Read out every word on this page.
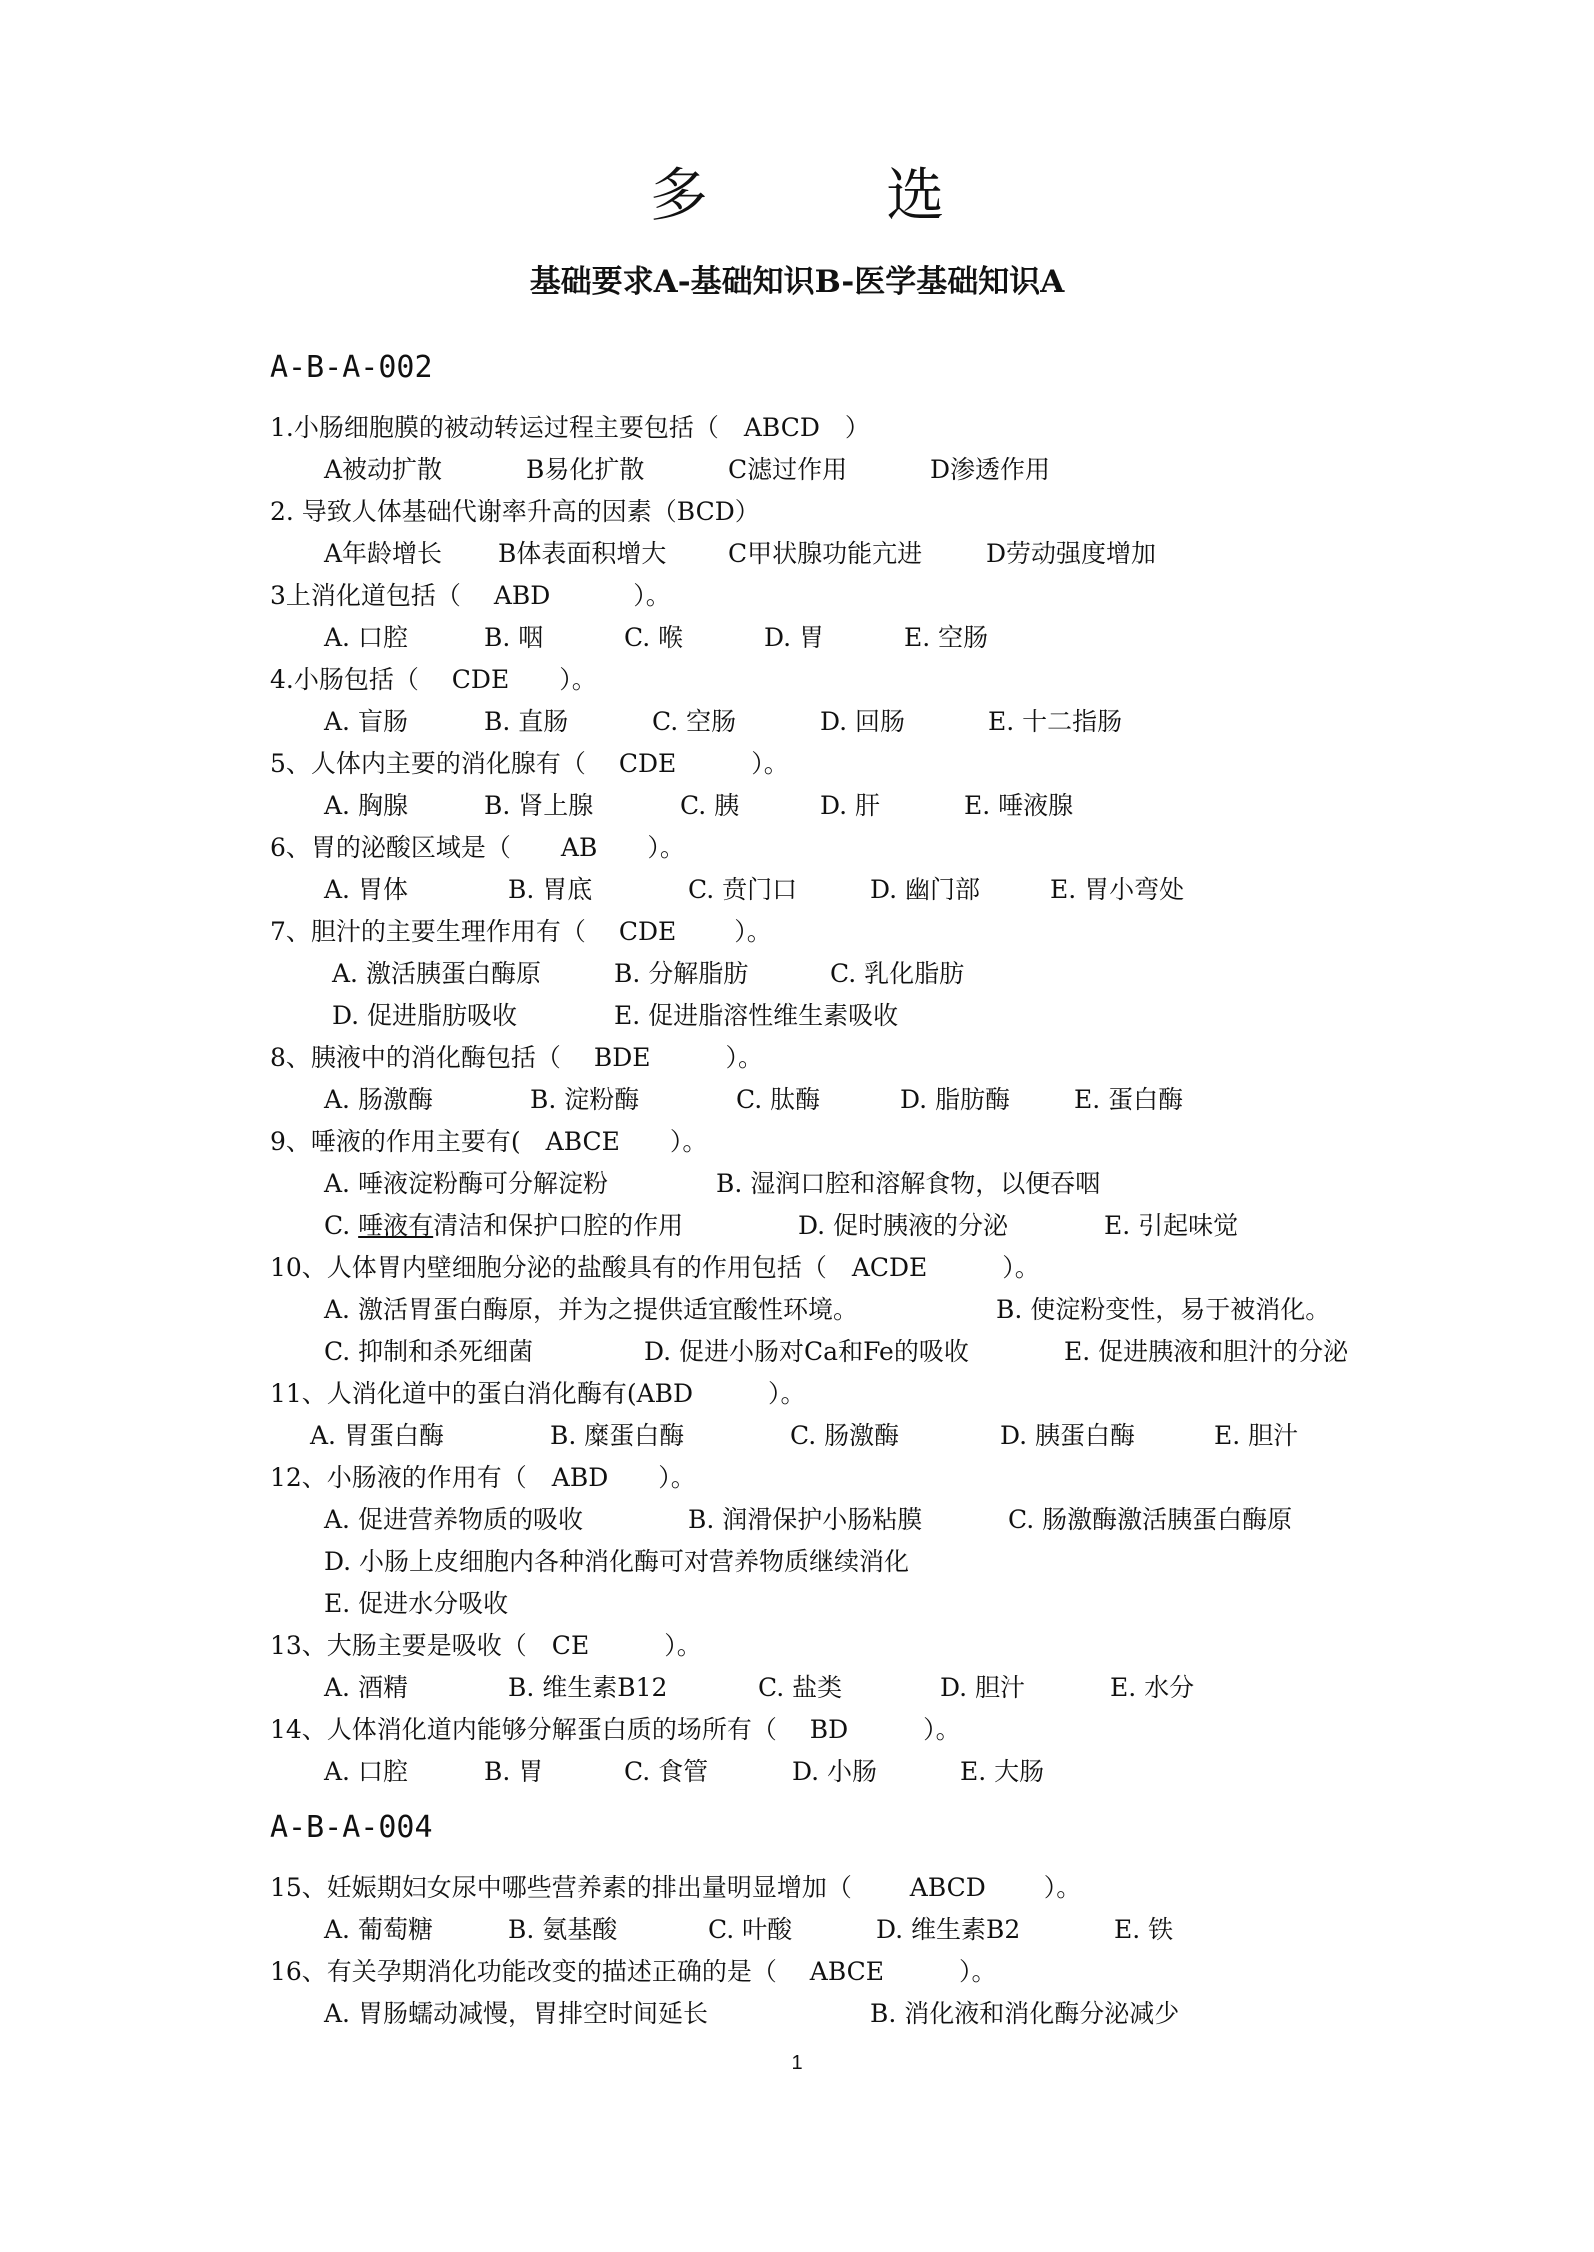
多 选
基础要求A-基础知识B-医学基础知识A
A-B-A-002
1.小肠细胞膜的被动转运过程主要包括（　ABCD　）

A被动扩散

	B易化扩散

	C滤过作用

	D渗透作用

2. 导致人体基础代谢率升高的因素（BCD）

A年龄增长

B体表面积增大

C甲状腺功能亢进

	D劳动强度增加

3上消化道包括（　 ABD　　　 ）。

A. 口腔

	B. 咽

	C. 喉

	D. 胃

	E. 空肠

4.小肠包括（　 CDE　　）。

A. 盲肠

	B. 直肠

	C. 空肠

	D. 回肠

	E. 十二指肠

5、人体内主要的消化腺有（　 CDE　　　）。

A. 胸腺

	B. 肾上腺

	C. 胰

	D. 肝

	E. 唾液腺

6、胃的泌酸区域是（　　AB　　）。

A. 胃体

	B. 胃底

	C. 贲门口

	D. 幽门部

	E. 胃小弯处

7、胆汁的主要生理作用有（　 CDE　　 ）。

A. 激活胰蛋白酶原

	B. 分解脂肪

	C. 乳化脂肪

D. 促进脂肪吸收

	E. 促进脂溶性维生素吸收

8、胰液中的消化酶包括（　 BDE　　　）。

A. 肠激酶

	B. 淀粉酶

	C. 肽酶

	D. 脂肪酶

	E. 蛋白酶

9、唾液的作用主要有(　ABCE　　）。

A. 唾液淀粉酶可分解淀粉

	B. 湿润口腔和溶解食物，以便吞咽

C. 唾液有清洁和保护口腔的作用

	D. 促时胰液的分泌

	E. 引起味觉

10、人体胃内壁细胞分泌的盐酸具有的作用包括（　ACDE　　　）。

A. 激活胃蛋白酶原，并为之提供适宜酸性环境。

	B. 使淀粉变性，易于被消化。

C. 抑制和杀死细菌

	D. 促进小肠对Ca和Fe的吸收

	E. 促进胰液和胆汁的分泌

11、人消化道中的蛋白消化酶有(ABD　　　）。

A. 胃蛋白酶

	B. 糜蛋白酶

	C. 肠激酶

	D. 胰蛋白酶

	E. 胆汁

12、小肠液的作用有（　ABD　　）。

A. 促进营养物质的吸收

	B. 润滑保护小肠粘膜

	C. 肠激酶激活胰蛋白酶原

D. 小肠上皮细胞内各种消化酶可对营养物质继续消化
E. 促进水分吸收
13、大肠主要是吸收（　CE　　　）。

A. 酒精

	B. 维生素B12

	C. 盐类

	D. 胆汁

	E. 水分

14、人体消化道内能够分解蛋白质的场所有（　 BD　　　）。

A. 口腔

	B. 胃

	C. 食管

	D. 小肠

	E. 大肠

A-B-A-004
15、妊娠期妇女尿中哪些营养素的排出量明显增加（　　 ABCD　　 ）。

A. 葡萄糖

	B. 氨基酸

	C. 叶酸

	D. 维生素B2

	E. 铁

16、有关孕期消化功能改变的描述正确的是（　 ABCE　　　）。

A. 胃肠蠕动减慢，胃排空时间延长

	B. 消化液和消化酶分泌减少

1
